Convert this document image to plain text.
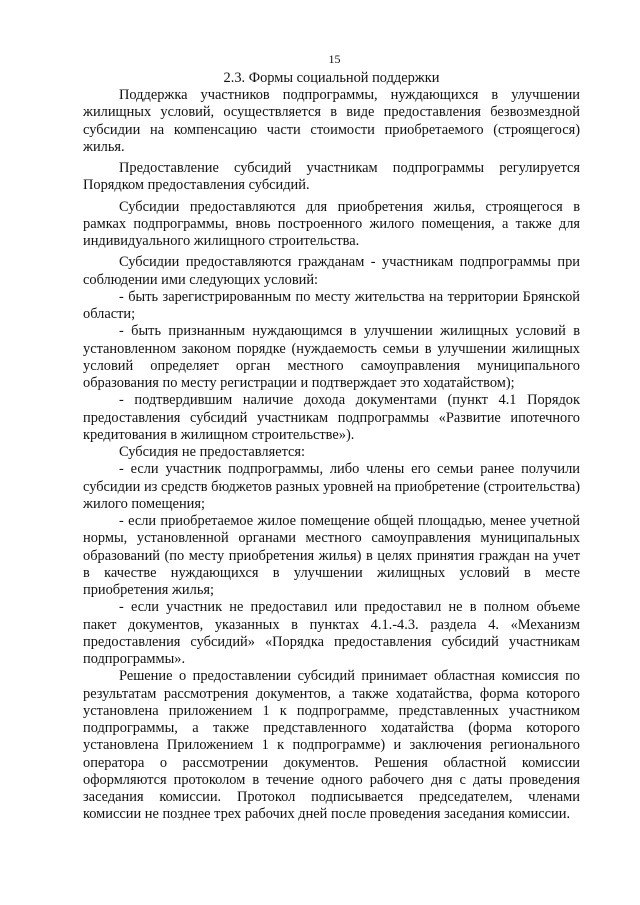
15
2.3. Формы социальной поддержки

Поддержка участников подпрограммы, нуждающихся в улучшении жилищных условий, осуществляется в виде предоставления безвозмездной субсидии на компенсацию части стоимости приобретаемого (строящегося) жилья.

Предоставление субсидий участникам подпрограммы регулируется Порядком предоставления субсидий.

Субсидии предоставляются для приобретения жилья, строящегося в рамках подпрограммы, вновь построенного жилого помещения, а также для индивидуального жилищного строительства.

Субсидии предоставляются гражданам - участникам подпрограммы при соблюдении ими следующих условий:

- быть зарегистрированным по месту жительства на территории Брянской области;

- быть признанным нуждающимся в улучшении жилищных условий в установленном законом порядке (нуждаемость семьи в улучшении жилищных условий определяет орган местного самоуправления муниципального образования по месту регистрации и подтверждает это ходатайством);

- подтвердившим наличие дохода документами (пункт 4.1 Порядок предоставления субсидий участникам подпрограммы «Развитие ипотечного кредитования в жилищном строительстве»).

Субсидия не предоставляется:

- если участник подпрограммы, либо члены его семьи ранее получили субсидии из средств бюджетов разных уровней на приобретение (строительства) жилого помещения;

- если приобретаемое жилое помещение общей площадью, менее учетной нормы, установленной органами местного самоуправления муниципальных образований (по месту приобретения жилья) в целях принятия граждан на учет в качестве нуждающихся в улучшении жилищных условий в месте приобретения жилья;

- если участник не предоставил или предоставил не в полном объеме пакет документов, указанных в пунктах 4.1.-4.3. раздела 4. «Механизм предоставления субсидий» «Порядка предоставления субсидий участникам подпрограммы».

Решение о предоставлении субсидий принимает областная комиссия по результатам рассмотрения документов, а также ходатайства, форма которого установлена приложением 1 к подпрограмме, представленных участником подпрограммы, а также представленного ходатайства (форма которого установлена Приложением 1 к подпрограмме) и заключения регионального оператора о рассмотрении документов. Решения областной комиссии оформляются протоколом в течение одного рабочего дня с даты проведения заседания комиссии. Протокол подписывается председателем, членами комиссии не позднее трех рабочих дней после проведения заседания комиссии.
